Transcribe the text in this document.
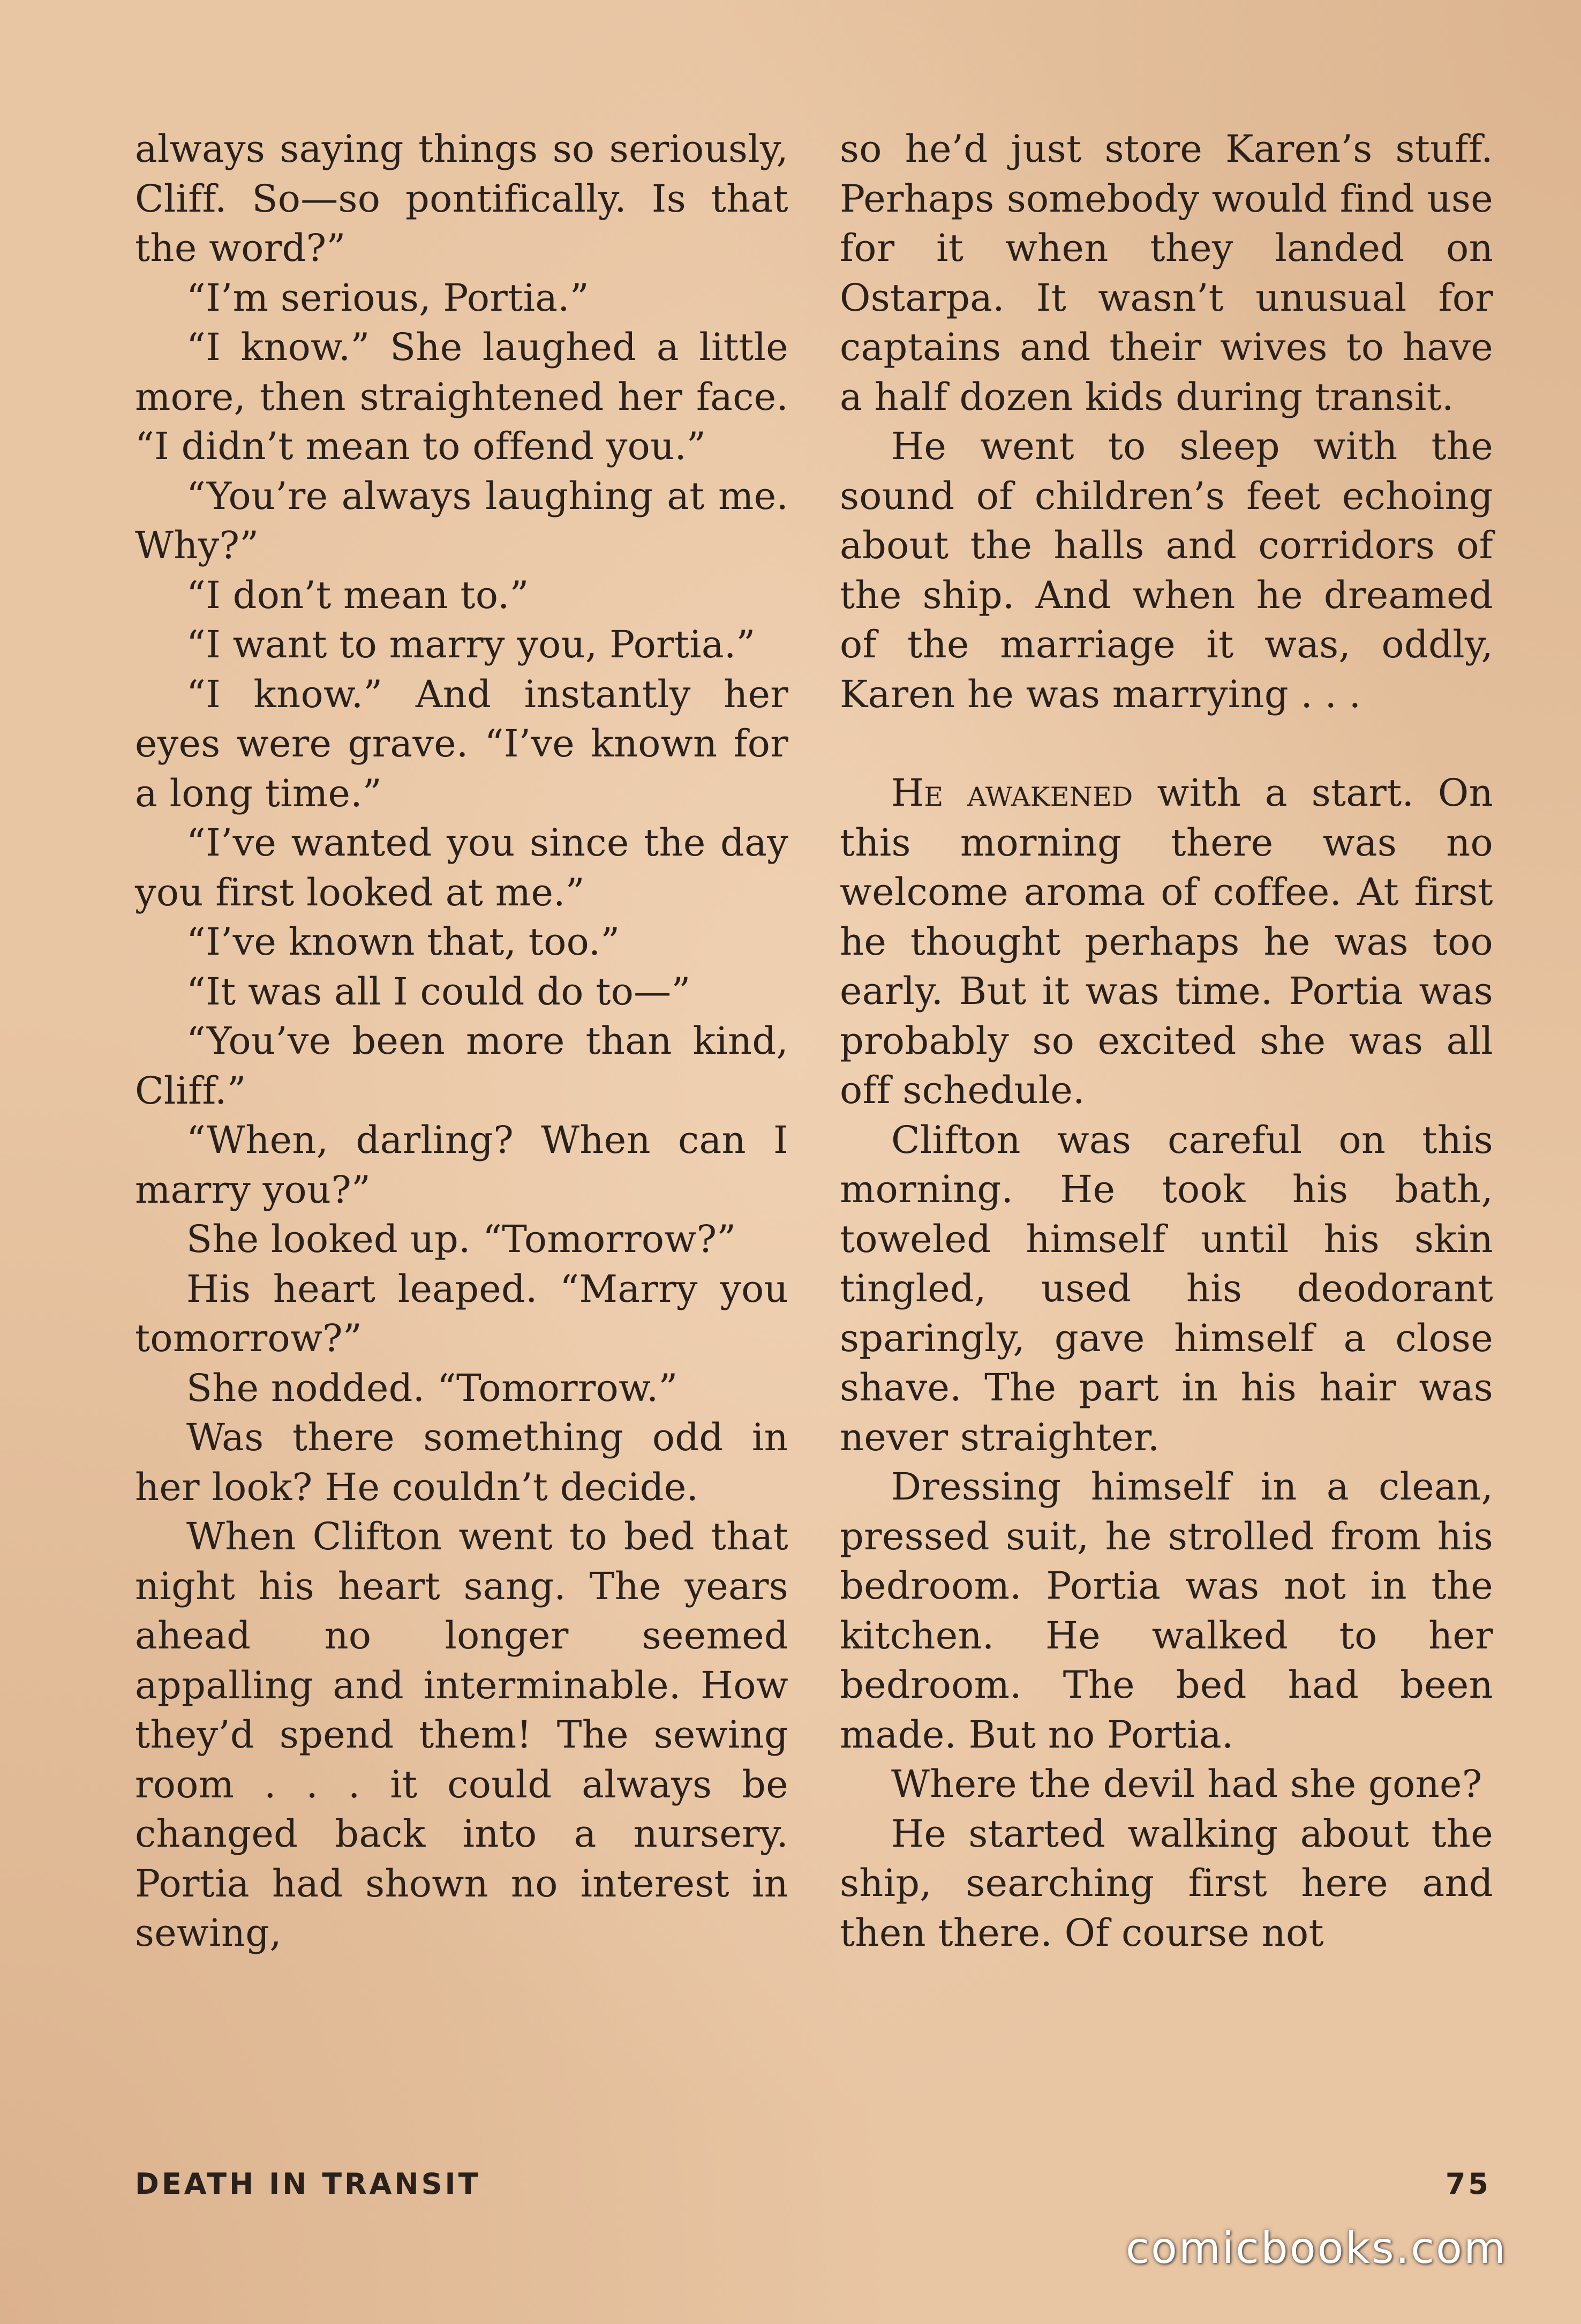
always saying things so seriously, Cliff. So—so pontifically. Is that the word?”

“I’m serious, Portia.”

“I know.” She laughed a little more, then straightened her face. “I didn’t mean to offend you.”

“You’re always laughing at me. Why?”

“I don’t mean to.”

“I want to marry you, Portia.”

“I know.” And instantly her eyes were grave. “I’ve known for a long time.”

“I’ve wanted you since the day you first looked at me.”

“I’ve known that, too.”

“It was all I could do to—”

“You’ve been more than kind, Cliff.”

“When, darling? When can I marry you?”

She looked up. “Tomorrow?”

His heart leaped. “Marry you tomorrow?”

She nodded. “Tomorrow.”

Was there something odd in her look? He couldn’t decide.

When Clifton went to bed that night his heart sang. The years ahead no longer seemed appalling and interminable. How they’d spend them! The sewing room . . . it could always be changed back into a nursery. Portia had shown no interest in sewing,

so he’d just store Karen’s stuff. Perhaps somebody would find use for it when they landed on Ostarpa. It wasn’t unusual for captains and their wives to have a half dozen kids during transit.

He went to sleep with the sound of children’s feet echoing about the halls and corridors of the ship. And when he dreamed of the marriage it was, oddly, Karen he was marrying . . .

He awakened with a start. On this morning there was no welcome aroma of coffee. At first he thought perhaps he was too early. But it was time. Portia was probably so excited she was all off schedule.

Clifton was careful on this morning. He took his bath, toweled himself until his skin tingled, used his deodorant sparingly, gave himself a close shave. The part in his hair was never straighter.

Dressing himself in a clean, pressed suit, he strolled from his bedroom. Portia was not in the kitchen. He walked to her bedroom. The bed had been made. But no Portia.

Where the devil had she gone?

He started walking about the ship, searching first here and then there. Of course not

DEATH IN TRANSIT	75
comicbooks.com
